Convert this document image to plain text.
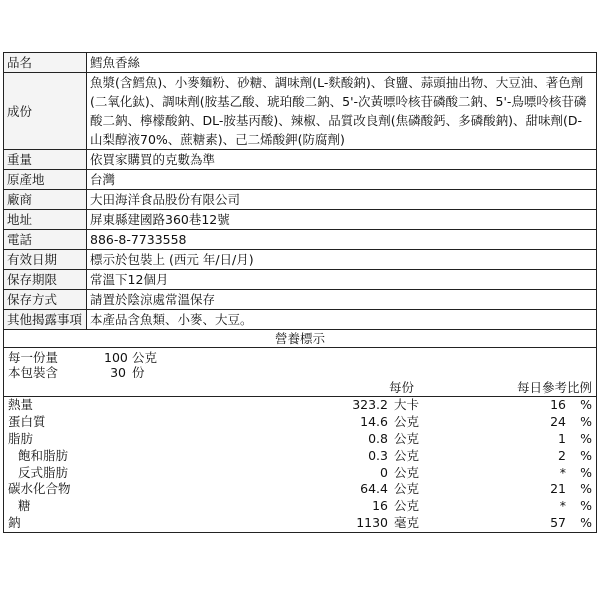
品名	鱈魚香絲
成份	魚漿(含鱈魚)、小麥麵粉、砂糖、調味劑(L-麩酸鈉)、食鹽、蒜頭抽出物、大豆油、著色劑(二氧化鈦)、調味劑(胺基乙酸、琥珀酸二鈉、5'-次黃嘌呤核苷磷酸二鈉、5'-鳥嘌呤核苷磷酸二鈉、檸檬酸鈉、DL-胺基丙酸)、辣椒、品質改良劑(焦磷酸鈣、多磷酸鈉)、甜味劑(D-山梨醇液70%、蔗糖素)、己二烯酸鉀(防腐劑)
重量	依買家購買的克數為準
原產地	台灣
廠商	大田海洋食品股份有限公司
地址	屏東縣建國路360巷12號
電話	886-8-7733558
有效日期	標示於包裝上 (西元 年/日/月)
保存期限	常溫下12個月
保存方式	請置於陰涼處常溫保存
其他揭露事項	本產品含魚類、小麥、大豆。
營養標示
每一份量	100 公克
本包裝含	30 份
每份	每日參考比例
熱量	323.2 大卡	16 %
蛋白質	14.6 公克	24 %
脂肪	0.8 公克	1 %
飽和脂肪	0.3 公克	2 %
反式脂肪	0 公克	* %
碳水化合物	64.4 公克	21 %
糖	16 公克	* %
鈉	1130 毫克	57 %
